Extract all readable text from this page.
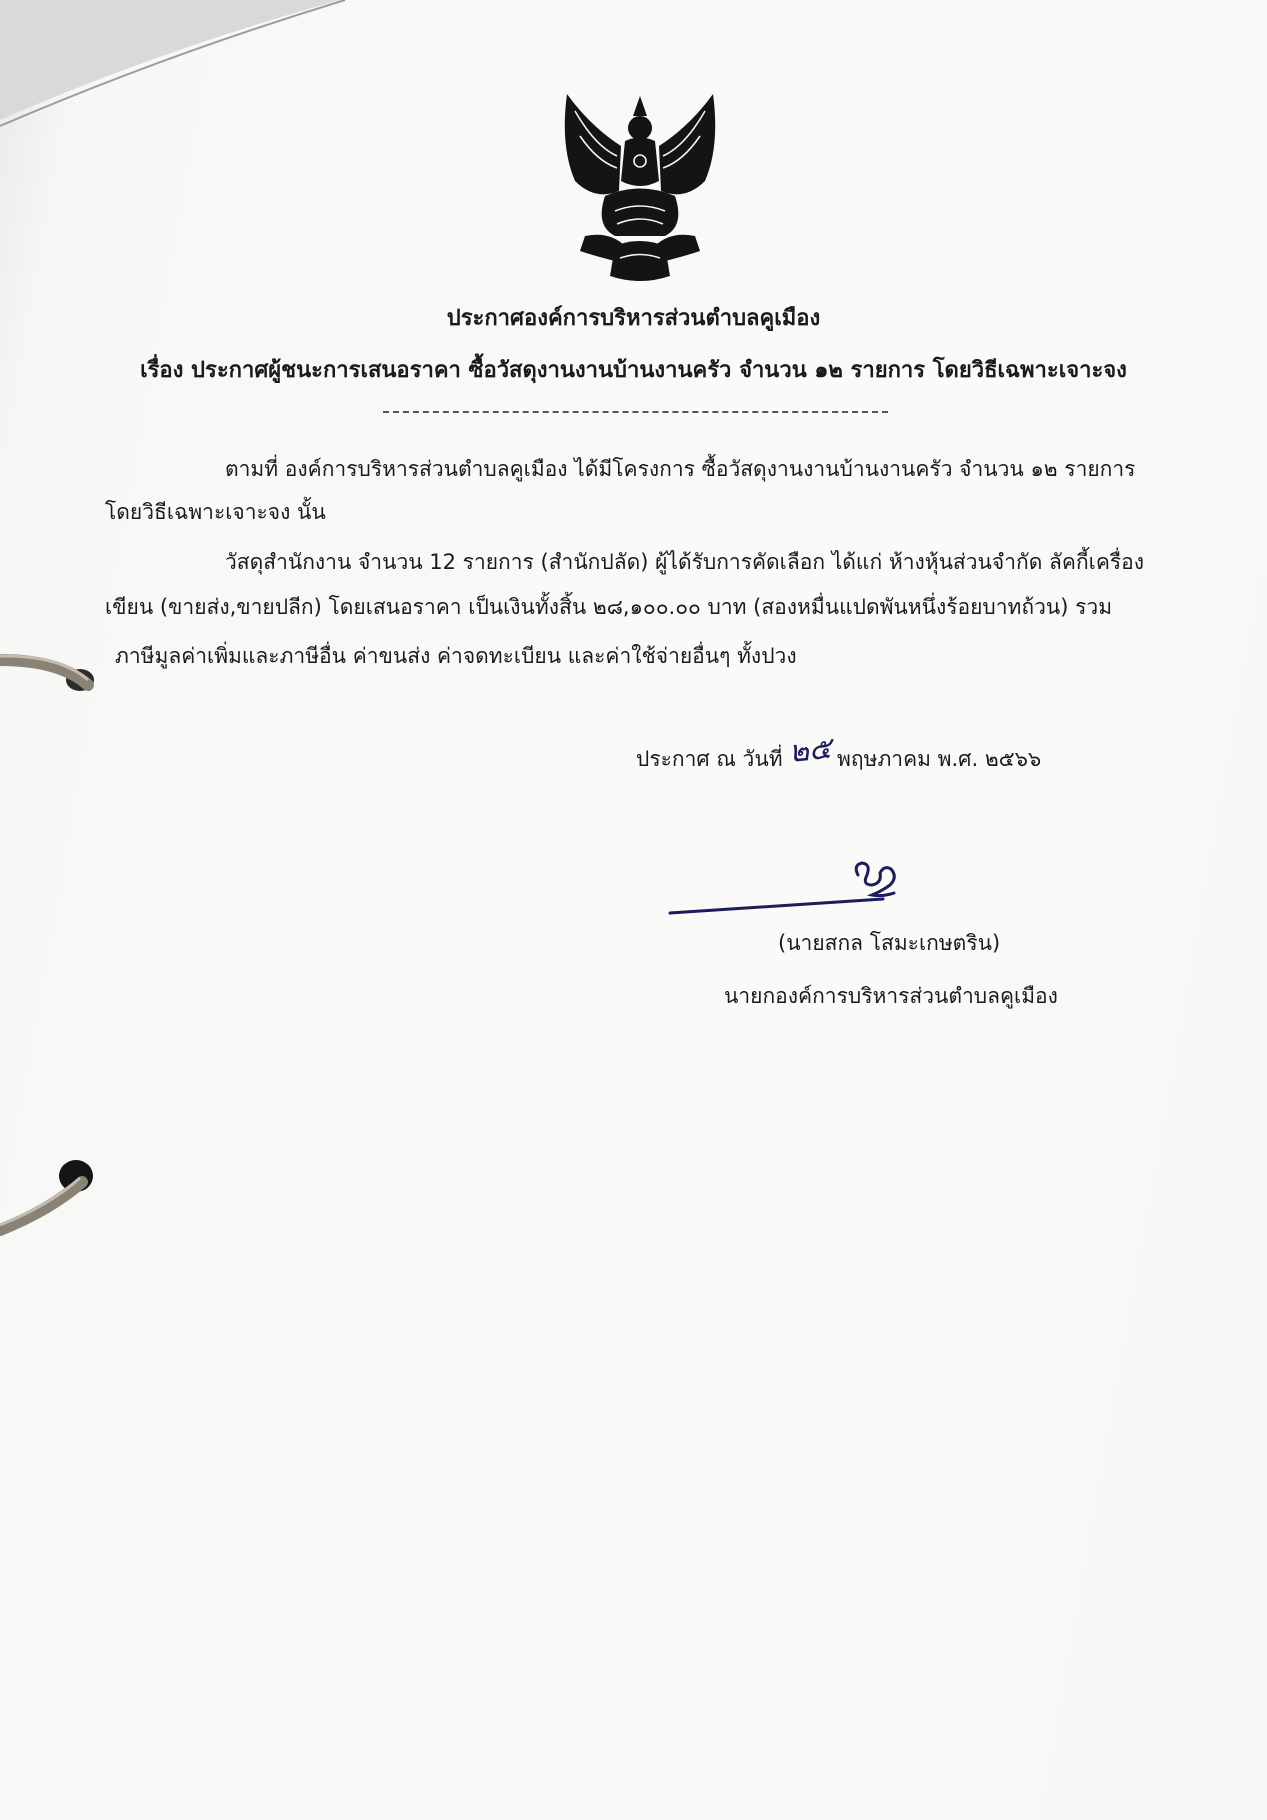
ประกาศองค์การบริหารส่วนตำบลคูเมือง
เรื่อง ประกาศผู้ชนะการเสนอราคา ซื้อวัสดุงานงานบ้านงานครัว จำนวน ๑๒ รายการ โดยวิธีเฉพาะเจาะจง
ตามที่ องค์การบริหารส่วนตำบลคูเมือง ได้มีโครงการ ซื้อวัสดุงานงานบ้านงานครัว จำนวน ๑๒ รายการ
โดยวิธีเฉพาะเจาะจง นั้น
วัสดุสำนักงาน จำนวน 12 รายการ (สำนักปลัด) ผู้ได้รับการคัดเลือก ได้แก่ ห้างหุ้นส่วนจำกัด ลัคกี้เครื่อง
เขียน (ขายส่ง,ขายปลีก) โดยเสนอราคา เป็นเงินทั้งสิ้น ๒๘,๑๐๐.๐๐ บาท (สองหมื่นแปดพันหนึ่งร้อยบาทถ้วน) รวม
ภาษีมูลค่าเพิ่มและภาษีอื่น ค่าขนส่ง ค่าจดทะเบียน และค่าใช้จ่ายอื่นๆ ทั้งปวง
ประกาศ ณ วันที่ ๒๕ พฤษภาคม พ.ศ. ๒๕๖๖
(นายสกล โสมะเกษตริน)
นายกองค์การบริหารส่วนตำบลคูเมือง
